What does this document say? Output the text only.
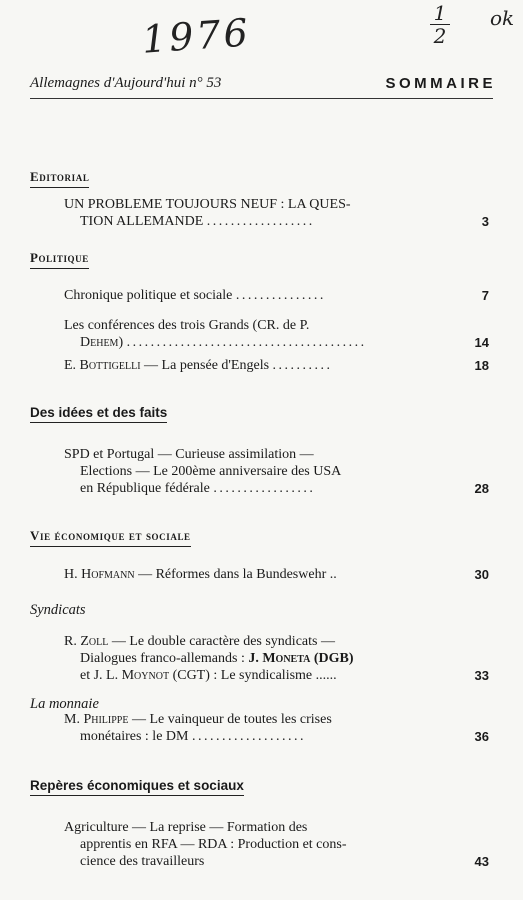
1976	1
2
ok
Allemagnes d'Aujourd'hui n° 53	SOMMAIRE
Editorial
UN PROBLEME TOUJOURS NEUF : LA QUES-
TION ALLEMANDE ..................	3
Politique
Chronique politique et sociale ...............	7
Les conférences des trois Grands (CR. de P.
Dehem) ........................................	14
E. Bottigelli — La pensée d'Engels ..........	18
Des idées et des faits
SPD et Portugal — Curieuse assimilation —
Elections — Le 200ème anniversaire des USA
en République fédérale .................	28
Vie économique et sociale
H. Hofmann — Réformes dans la Bundeswehr ..	30
Syndicats
R. Zoll — Le double caractère des syndicats —
Dialogues franco-allemands : J. Moneta (DGB)
et J. L. Moynot (CGT) : Le syndicalisme ......	33
La monnaie
M. Philippe — Le vainqueur de toutes les crises
monétaires : le DM ...................	36
Repères économiques et sociaux
Agriculture — La reprise — Formation des
apprentis en RFA — RDA : Production et cons-
cience des travailleurs	43
